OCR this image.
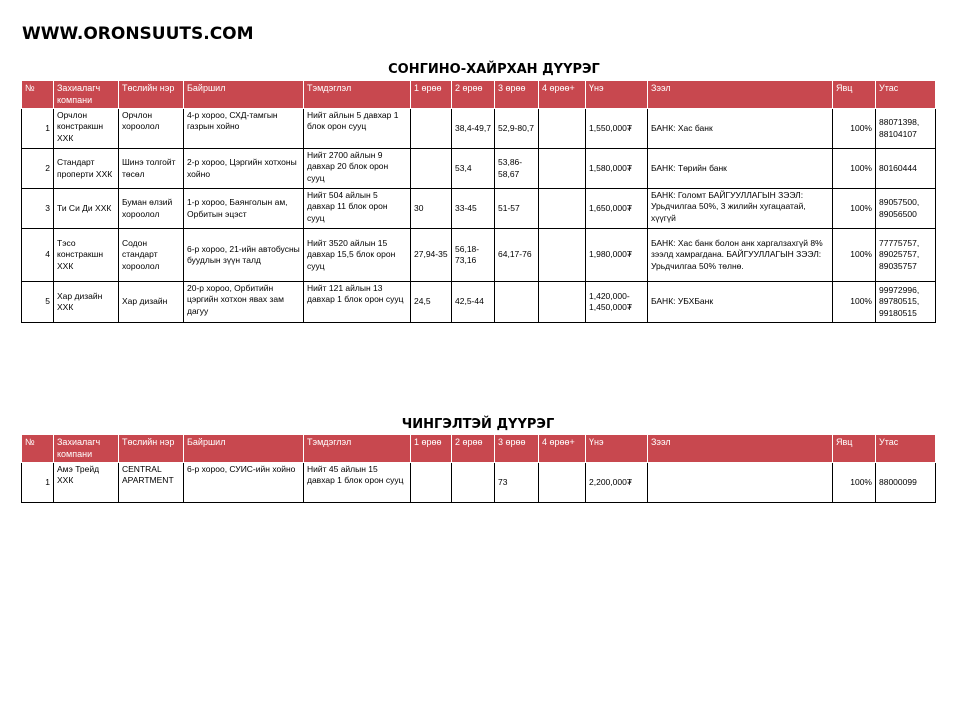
WWW.ORONSUUTS.COM
СОНГИНО-ХАЙРХАН ДҮҮРЭГ
№	Захиалагч компани	Төслийн нэр	Байршил	Тэмдэглэл	1 өрөө	2 өрөө	3 өрөө	4 өрөө+	Үнэ	Зээл	Явц	Утас
1	Орчлон констракшн ХХК	Орчлон хороолол	4-р хороо, СХД-тамгын газрын хойно	Нийт айлын 5 давхар 1 блок орон сууц		38,4-49,7	52,9-80,7		1,550,000₮	БАНК: Хас банк	100%	88071398, 88104107
2	Стандарт проперти ХХК	Шинэ толгойт төсөл	2-р хороо, Цэргийн хотхоны хойно	Нийт 2700 айлын 9 давхар 20 блок орон сууц		53,4	53,86-58,67		1,580,000₮	БАНК: Төрийн банк	100%	80160444
3	Ти Си Ди ХХК	Буман өлзий хороолол	1-р хороо, Баянголын ам, Орбитын эцэст	Нийт 504 айлын 5 давхар 11 блок орон сууц	30	33-45	51-57		1,650,000₮	БАНК: Голомт БАЙГУУЛЛАГЫН ЗЭЭЛ: Урьдчилгаа 50%, 3 жилийн хугацаатай, хүүгүй	100%	89057500, 89056500
4	Тэсо констракшн ХХК	Содон стандарт хороолол	6-р хороо, 21-ийн автобусны буудлын зүүн талд	Нийт 3520 айлын 15 давхар 15,5 блок орон сууц	27,94-35	56,18-73,16	64,17-76		1,980,000₮	БАНК: Хас банк болон анк харгалзахгүй 8% зээлд хамрагдана. БАЙГУУЛЛАГЫН ЗЭЭЛ: Урьдчилгаа 50% төлнө.	100%	77775757, 89025757, 89035757
5	Хар дизайн ХХК	Хар дизайн	20-р хороо, Орбитийн цэргийн хотхон явах зам дагуу	Нийт 121 айлын 13 давхар 1 блок орон сууц	24,5	42,5-44			1,420,000-1,450,000₮	БАНК: УБХБанк	100%	99972996, 89780515, 99180515
ЧИНГЭЛТЭЙ ДҮҮРЭГ
№	Захиалагч компани	Төслийн нэр	Байршил	Тэмдэглэл	1 өрөө	2 өрөө	3 өрөө	4 өрөө+	Үнэ	Зээл	Явц	Утас
1	Амэ Трейд ХХК	CENTRAL APARTMENT	6-р хороо, СУИС-ийн хойно	Нийт 45 айлын 15 давхар 1 блок орон сууц			73		2,200,000₮		100%	88000099
